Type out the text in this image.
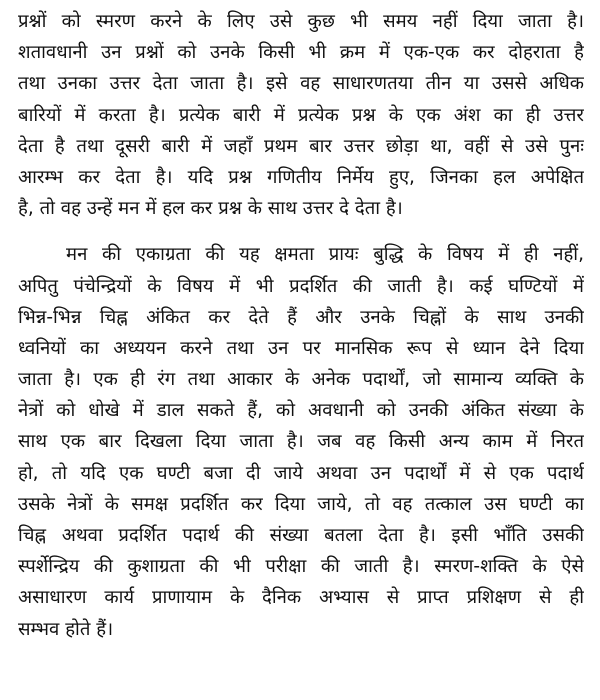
प्रश्नों को स्मरण करने के लिए उसे कुछ भी समय नहीं दिया जाता है।
शतावधानी उन प्रश्नों को उनके किसी भी क्रम में एक-एक कर दोहराता है
तथा उनका उत्तर देता जाता है। इसे वह साधारणतया तीन या उससे अधिक
बारियों में करता है। प्रत्येक बारी में प्रत्येक प्रश्न के एक अंश का ही उत्तर
देता है तथा दूसरी बारी में जहाँ प्रथम बार उत्तर छोड़ा था, वहीं से उसे पुनः
आरम्भ कर देता है। यदि प्रश्न गणितीय निर्मेय हुए, जिनका हल अपेक्षित
है, तो वह उन्हें मन में हल कर प्रश्न के साथ उत्तर दे देता है।
मन की एकाग्रता की यह क्षमता प्रायः बुद्धि के विषय में ही नहीं,
अपितु पंचेन्द्रियों के विषय में भी प्रदर्शित की जाती है। कई घण्टियों में
भिन्न-भिन्न चिह्न अंकित कर देते हैं और उनके चिह्नों के साथ उनकी
ध्वनियों का अध्ययन करने तथा उन पर मानसिक रूप से ध्यान देने दिया
जाता है। एक ही रंग तथा आकार के अनेक पदार्थों, जो सामान्य व्यक्ति के
नेत्रों को धोखे में डाल सकते हैं, को अवधानी को उनकी अंकित संख्या के
साथ एक बार दिखला दिया जाता है। जब वह किसी अन्य काम में निरत
हो, तो यदि एक घण्टी बजा दी जाये अथवा उन पदार्थों में से एक पदार्थ
उसके नेत्रों के समक्ष प्रदर्शित कर दिया जाये, तो वह तत्काल उस घण्टी का
चिह्न अथवा प्रदर्शित पदार्थ की संख्या बतला देता है। इसी भाँति उसकी
स्पर्शेन्द्रिय की कुशाग्रता की भी परीक्षा की जाती है। स्मरण-शक्ति के ऐसे
असाधारण कार्य प्राणायाम के दैनिक अभ्यास से प्राप्त प्रशिक्षण से ही
सम्भव होते हैं।
